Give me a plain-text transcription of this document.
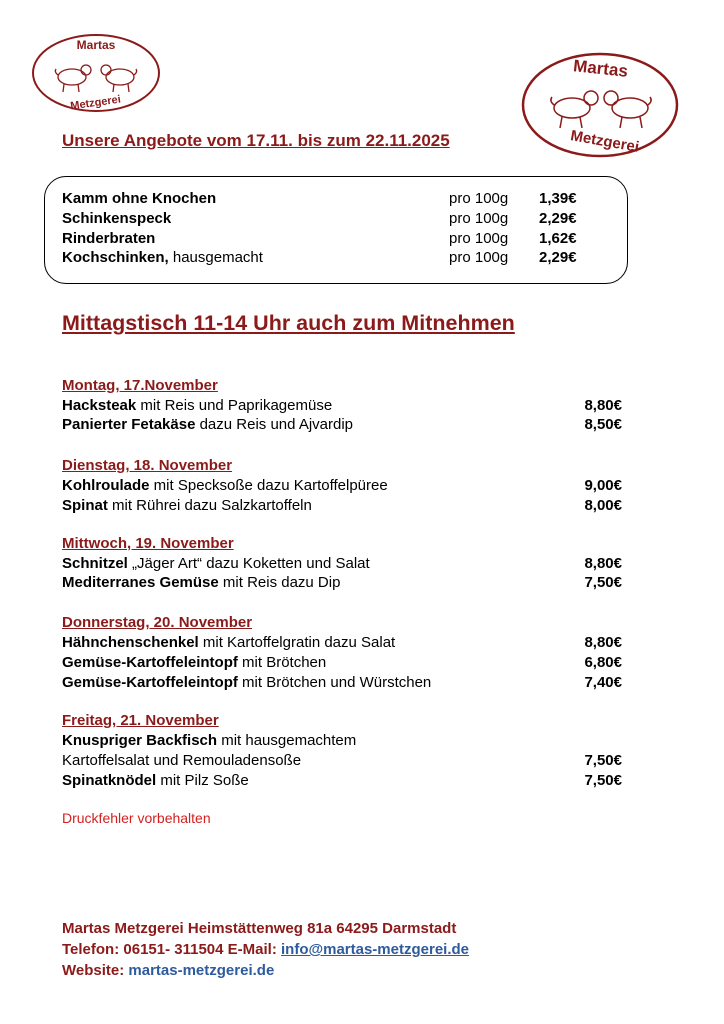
Martas
Metzgerei
Martas
Metzgerei
Unsere Angebote vom 17.11. bis zum 22.11.2025
Kamm ohne Knochen	pro 100g 1,39€
Schinkenspeck	pro 100g 2,29€
Rinderbraten	pro 100g 1,62€
Kochschinken, hausgemacht	pro 100g 2,29€
Mittagstisch 11-14 Uhr auch zum Mitnehmen
Montag, 17.November
Hacksteak mit Reis und Paprikagemüse	8,80€
Panierter Fetakäse dazu Reis und Ajvardip	8,50€
Dienstag, 18. November
Kohlroulade mit Specksoße dazu Kartoffelpüree	9,00€
Spinat mit Rührei dazu Salzkartoffeln	8,00€
Mittwoch, 19. November
Schnitzel „Jäger Art“ dazu Koketten und Salat	8,80€
Mediterranes Gemüse mit Reis dazu Dip	7,50€
Donnerstag, 20. November
Hähnchenschenkel mit Kartoffelgratin dazu Salat	8,80€
Gemüse-Kartoffeleintopf mit Brötchen	6,80€
Gemüse-Kartoffeleintopf mit Brötchen und Würstchen	7,40€
Freitag, 21. November
Knuspriger Backfisch mit hausgemachtem
Kartoffelsalat und Remouladensoße	7,50€
Spinatknödel mit Pilz Soße	7,50€
Druckfehler vorbehalten
Martas Metzgerei Heimstättenweg 81a 64295 Darmstadt
Telefon: 06151- 311504 E-Mail: info@martas-metzgerei.de
Website: martas-metzgerei.de
